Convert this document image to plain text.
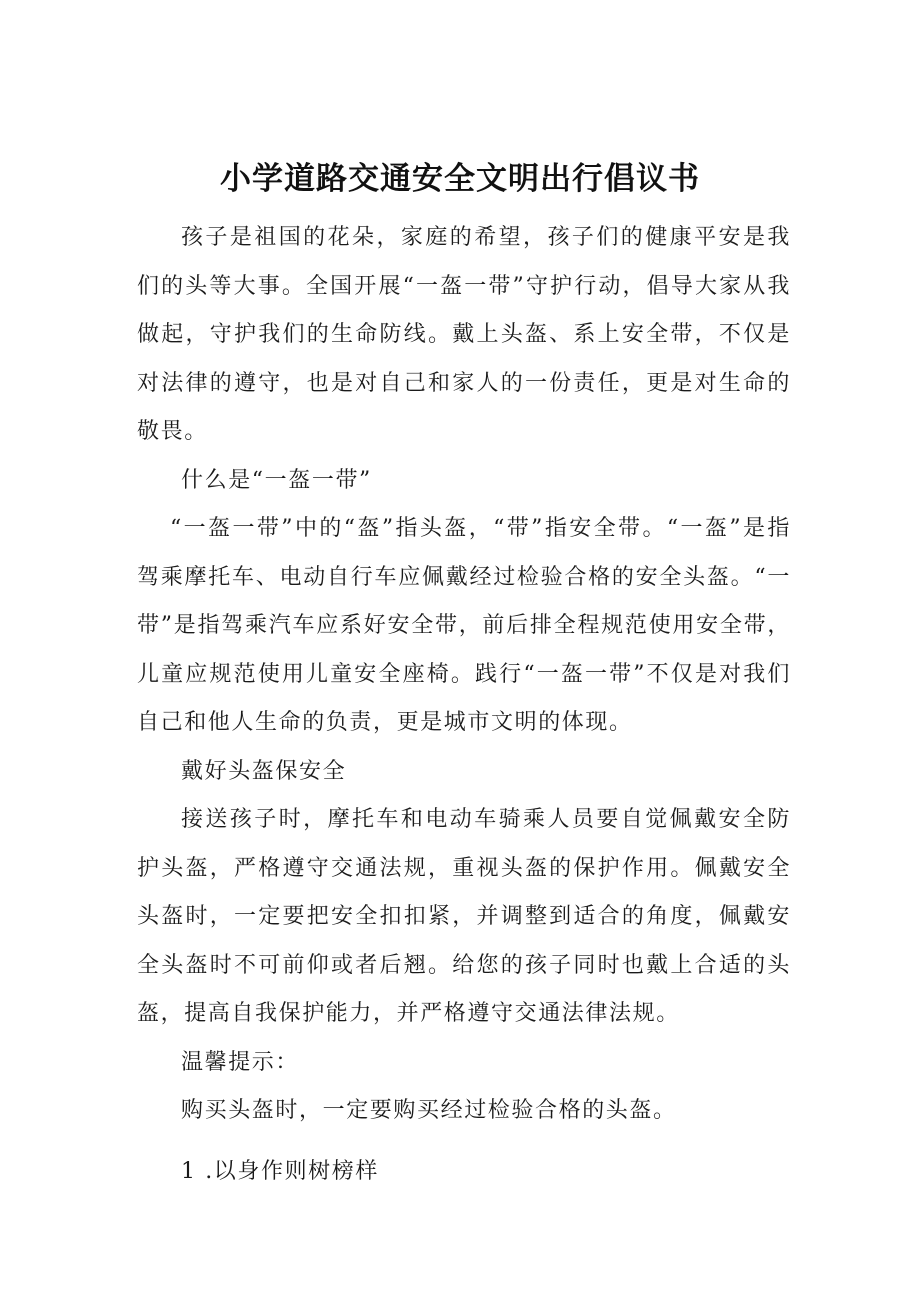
小学道路交通安全文明出行倡议书

孩子是祖国的花朵，家庭的希望，孩子们的健康平安是我们的头等大事。全国开展“一盔一带”守护行动，倡导大家从我做起，守护我们的生命防线。戴上头盔、系上安全带，不仅是对法律的遵守，也是对自己和家人的一份责任，更是对生命的敬畏。

什么是“一盔一带”

“一盔一带”中的“盔”指头盔，“带”指安全带。“一盔”是指驾乘摩托车、电动自行车应佩戴经过检验合格的安全头盔。“一带”是指驾乘汽车应系好安全带，前后排全程规范使用安全带，儿童应规范使用儿童安全座椅。践行“一盔一带”不仅是对我们自己和他人生命的负责，更是城市文明的体现。

戴好头盔保安全

接送孩子时，摩托车和电动车骑乘人员要自觉佩戴安全防护头盔，严格遵守交通法规，重视头盔的保护作用。佩戴安全头盔时，一定要把安全扣扣紧，并调整到适合的角度，佩戴安全头盔时不可前仰或者后翘。给您的孩子同时也戴上合适的头盔，提高自我保护能力，并严格遵守交通法律法规。

温馨提示：

购买头盔时，一定要购买经过检验合格的头盔。

1 .以身作则树榜样
